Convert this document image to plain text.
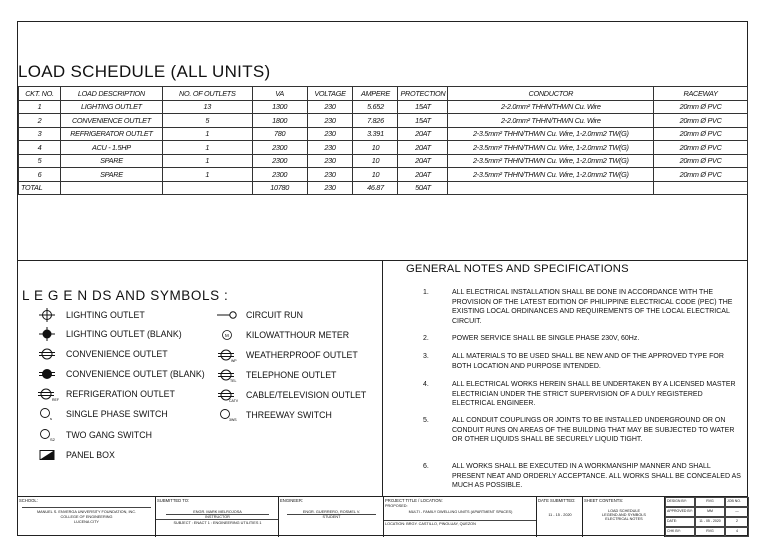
LOAD SCHEDULE (ALL UNITS)
CKT. NO.	LOAD DESCRIPTION	NO. OF OUTLETS	VA	VOLTAGE	AMPERE	PROTECTION	CONDUCTOR	RACEWAY
1	LIGHTING OUTLET	13	1300	230	5.652	15AT	2-2.0mm² THHN/THWN Cu. Wire	20mm Ø PVC
2	CONVENIENCE OUTLET	5	1800	230	7.826	15AT	2-2.0mm² THHN/THWN Cu. Wire	20mm Ø PVC
3	REFRIGERATOR OUTLET	1	780	230	3.391	20AT	2-3.5mm² THHN/THWN Cu. Wire, 1-2.0mm2 TW(G)	20mm Ø PVC
4	ACU - 1.5HP	1	2300	230	10	20AT	2-3.5mm² THHN/THWN Cu. Wire, 1-2.0mm2 TW(G)	20mm Ø PVC
5	SPARE	1	2300	230	10	20AT	2-3.5mm² THHN/THWN Cu. Wire, 1-2.0mm2 TW(G)	20mm Ø PVC
6	SPARE	1	2300	230	10	20AT	2-3.5mm² THHN/THWN Cu. Wire, 1-2.0mm2 TW(G)	20mm Ø PVC
TOTAL			10780	230	46.87	50AT		
L E G E N DS AND SYMBOLS :
LIGHTING OUTLET
LIGHTING OUTLET (BLANK)
CONVENIENCE OUTLET
CONVENIENCE OUTLET (BLANK)
REF
REFRIGERATION OUTLET
s SINGLE PHASE SWITCH
S2 TWO GANG SWITCH
PANEL BOX
CIRCUIT RUN
M KILOWATTHOUR METER
WP
WEATHERPROOF OUTLET
TEL
TELEPHONE OUTLET
CATV
CABLE/TELEVISION OUTLET
3WS THREEWAY SWITCH
GENERAL NOTES AND SPECIFICATIONS
1.	ALL ELECTRICAL INSTALLATION SHALL BE DONE IN ACCORDANCE WITH THE PROVISION OF THE LATEST EDITION OF PHILIPPINE ELECTRICAL CODE (PEC) THE EXISTING LOCAL ORDINANCES AND REQUIREMENTS OF THE LOCAL ELECTRICAL CIRCUIT.
2.	POWER SERVICE SHALL BE SINGLE PHASE 230V, 60Hz.
3.	ALL MATERIALS TO BE USED SHALL BE NEW AND OF THE APPROVED TYPE FOR BOTH LOCATION AND PURPOSE INTENDED.
4.	ALL ELECTRICAL WORKS HEREIN SHALL BE UNDERTAKEN BY A LICENSED MASTER ELECTRICIAN UNDER THE STRICT SUPERVISION OF A DULY REGISTERED ELECTRICAL ENGINEER.
5.	ALL CONDUIT COUPLINGS OR JOINTS TO BE INSTALLED UNDERGROUND OR ON CONDUIT RUNS ON AREAS OF THE BUILDING THAT MAY BE SUBJECTED TO WATER OR OTHER LIQUIDS SHALL BE SECURELY LIQUID TIGHT.
6.	ALL WORKS SHALL BE EXECUTED IN A WORKMANSHIP MANNER AND SHALL PRESENT NEAT AND ORDERLY ACCEPTANCE. ALL WORKS SHALL BE CONCEALED AS MUCH AS POSSIBLE.
SCHOOL:
MANUEL S. ENVERGA UNIVERSITY FOUNDATION, INC.
COLLEGE OF ENGINEERING
LUCENA CITY
SUBMITTED TO:
ENGR. MARK MELROJOSA
INSTRUCTOR
SUBJECT : ENACT 1 : ENGINEERING UTILITIES 1
ENGINEER:
ENGR. GUERRERO, ROSMEL V.
STUDENT
PROJECT TITLE / LOCATION:
PROPOSED:
MULTI - FAMILY DWELLING UNITS (APARTMENT SPACES)
LOCATION: BRGY. CASTILLO, PINOLUAY, QUEZON
DATE SUBMITTED:
11 - 15 - 2020
SHEET CONTENTS:
LOAD SCHEDULE
LEGEND AND SYMBOLS
ELECTRICAL NOTES
DESIGN BY:	RVG	JOB NO.
APPROVED BY:	MM	—
DATE:	11 - 05 - 2020	2
CHK BY:	RVG	4
